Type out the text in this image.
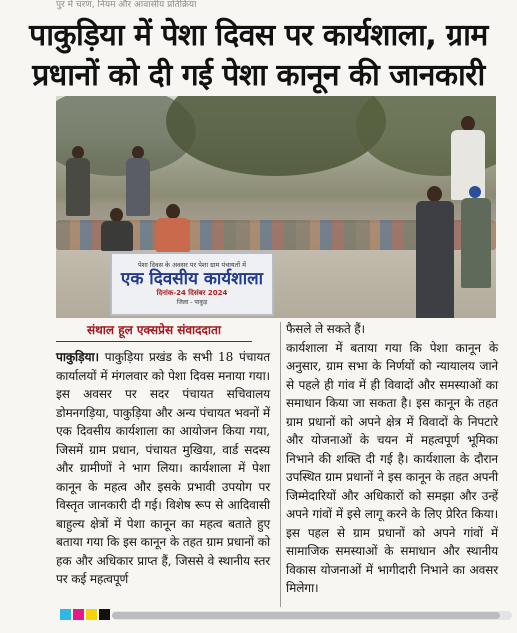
पुर में चरण, नियम और आवासीय प्रतिक्रिया
पाकुड़िया में पेशा दिवस पर कार्यशाला, ग्राम
प्रधानों को दी गई पेशा कानून की जानकारी
पेशा दिवस के अवसर पर पेशा ग्राम पंचायतों में
एक दिवसीय कार्यशाला
दिनांक-24 दिसंबर 2024
जिला - पाकुड़
संथाल हूल एक्सप्रेस संवाददाता

पाकुड़िया। पाकुड़िया प्रखंड के सभी 18 पंचायत कार्यालयों में मंगलवार को पेशा दिवस मनाया गया। इस अवसर पर सदर पंचायत सचिवालय डोमनगड़िया, पाकुड़िया और अन्य पंचायत भवनों में एक दिवसीय कार्यशाला का आयोजन किया गया, जिसमें ग्राम प्रधान, पंचायत मुखिया, वार्ड सदस्य और ग्रामीणों ने भाग लिया। कार्यशाला में पेशा कानून के महत्व और इसके प्रभावी उपयोग पर विस्तृत जानकारी दी गई। विशेष रूप से आदिवासी बाहुल्य क्षेत्रों में पेशा कानून का महत्व बताते हुए बताया गया कि इस कानून के तहत ग्राम प्रधानों को हक और अधिकार प्राप्त हैं, जिससे वे स्थानीय स्तर पर कई महत्वपूर्ण

फैसले ले सकते हैं।

कार्यशाला में बताया गया कि पेशा कानून के अनुसार, ग्राम सभा के निर्णयों को न्यायालय जाने से पहले ही गांव में ही विवादों और समस्याओं का समाधान किया जा सकता है। इस कानून के तहत ग्राम प्रधानों को अपने क्षेत्र में विवादों के निपटारे और योजनाओं के चयन में महत्वपूर्ण भूमिका निभाने की शक्ति दी गई है। कार्यशाला के दौरान उपस्थित ग्राम प्रधानों ने इस कानून के तहत अपनी जिम्मेदारियों और अधिकारों को समझा और उन्हें अपने गांवों में इसे लागू करने के लिए प्रेरित किया। इस पहल से ग्राम प्रधानों को अपने गांवों में सामाजिक समस्याओं के समाधान और स्थानीय विकास योजनाओं में भागीदारी निभाने का अवसर मिलेगा।
